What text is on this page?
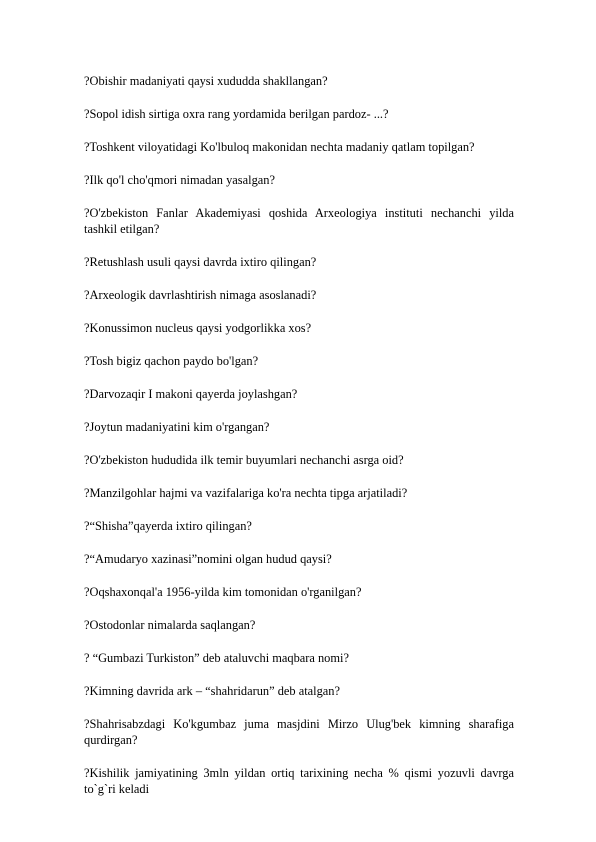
?Obishir madaniyati qaysi xududda shakllangan?

?Sopol idish sirtiga oxra rang yordamida berilgan pardoz- ...?

?Toshkent viloyatidagi Ko'lbuloq makonidan nechta madaniy qatlam topilgan?

?Ilk qo'l cho'qmori nimadan yasalgan?

?O'zbekiston Fanlar Akademiyasi qoshida Arxeologiya instituti nechanchi yilda tashkil etilgan?

?Retushlash usuli qaysi davrda ixtiro qilingan?

?Arxeologik davrlashtirish nimaga asoslanadi?

?Konussimon nucleus qaysi yodgorlikka xos?

?Tosh bigiz qachon paydo bo'lgan?

?Darvozaqir I makoni qayerda joylashgan?

?Joytun madaniyatini kim o'rgangan?

?O'zbekiston hududida ilk temir buyumlari nechanchi asrga oid?

?Manzilgohlar hajmi va vazifalariga ko'ra nechta tipga arjatiladi?

?“Shisha”qayerda ixtiro qilingan?

?“Amudaryo xazinasi”nomini olgan hudud qaysi?

?Oqshaxonqal'a 1956-yilda kim tomonidan o'rganilgan?

?Ostodonlar nimalarda saqlangan?

? “Gumbazi Turkiston” deb ataluvchi maqbara nomi?

?Kimning davrida ark – “shahridarun” deb atalgan?

?Shahrisabzdagi Ko'kgumbaz juma masjdini Mirzo Ulug'bek kimning sharafiga qurdirgan?

?Kishilik jamiyatining 3mln yildan ortiq tarixining necha % qismi yozuvli davrga to`g`ri keladi
